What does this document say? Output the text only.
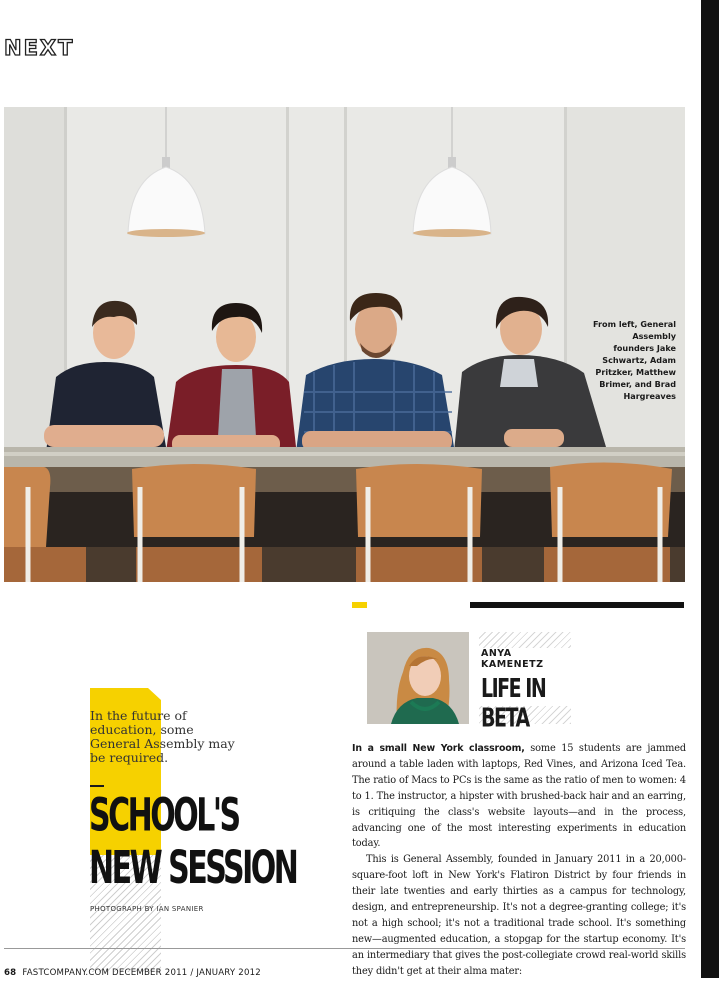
NEXT
From left, General Assembly founders Jake Schwartz, Adam Pritzker, Matthew Brimer, and Brad Hargreaves
ANYA KAMENETZ
LIFE IN BETA
In the future of education, some General Assembly may be required.
SCHOOL'S
NEW SESSION
PHOTOGRAPH BY IAN SPANIER

In a small New York classroom, some 15 students are jammed around a table laden with laptops, Red Vines, and Arizona Iced Tea. The ratio of Macs to PCs is the same as the ratio of men to women: 4 to 1. The instructor, a hipster with brushed-back hair and an earring, is critiquing the class's website layouts—and in the process, advancing one of the most interesting experiments in education today.

This is General Assembly, founded in January 2011 in a 20,000-square-foot loft in New York's Flatiron District by four friends in their late twenties and early thirties as a campus for technology, design, and entrepreneurship. It's not a degree-granting college; it's not a high school; it's not a traditional trade school. It's something new—augmented education, a stopgap for the startup economy. It's an intermediary that gives the post-collegiate crowd real-world skills they didn't get at their alma mater:

68 FASTCOMPANY.COM DECEMBER 2011 / JANUARY 2012
